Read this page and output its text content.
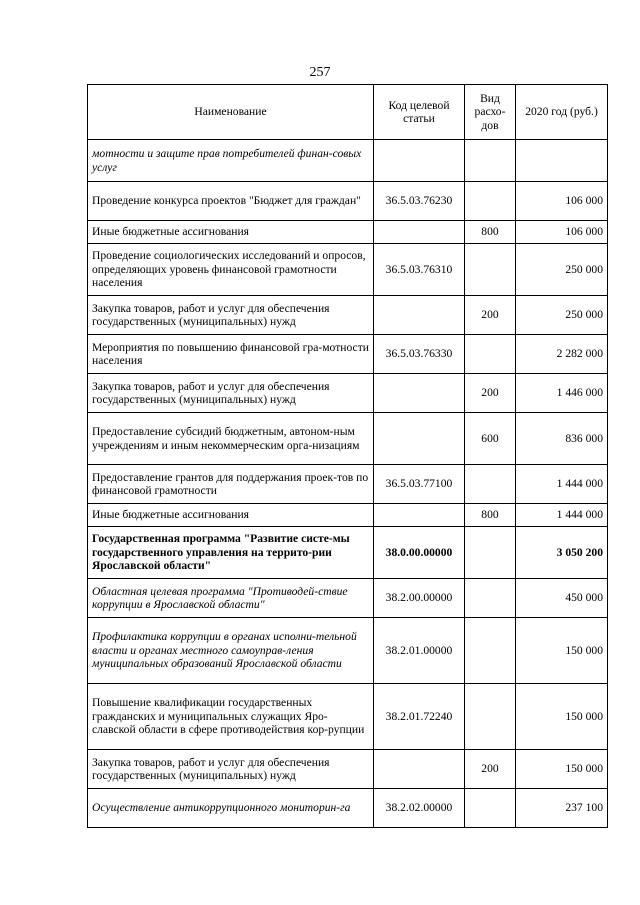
257
Наименование	Код целевой статьи	Вид расхо-дов	2020 год (руб.)
мотности и защите прав потребителей финан-совых услуг			
Проведение конкурса проектов "Бюджет для граждан"	36.5.03.76230		106 000
Иные бюджетные ассигнования		800	106 000
Проведение социологических исследований и опросов, определяющих уровень финансовой грамотности населения	36.5.03.76310		250 000
Закупка товаров, работ и услуг для обеспечения государственных (муниципальных) нужд		200	250 000
Мероприятия по повышению финансовой гра-мотности населения	36.5.03.76330		2 282 000
Закупка товаров, работ и услуг для обеспечения государственных (муниципальных) нужд		200	1 446 000
Предоставление субсидий бюджетным, автоном-ным учреждениям и иным некоммерческим орга-низациям		600	836 000
Предоставление грантов для поддержания проек-тов по финансовой грамотности	36.5.03.77100		1 444 000
Иные бюджетные ассигнования		800	1 444 000
Государственная программа "Развитие систе-мы государственного управления на террито-рии Ярославской области"	38.0.00.00000		3 050 200
Областная целевая программа "Противодей-ствие коррупции в Ярославской области"	38.2.00.00000		450 000
Профилактика коррупции в органах исполни-тельной власти и органах местного самоуправ-ления муниципальных образований Ярославской области	38.2.01.00000		150 000
Повышение квалификации государственных гражданских и муниципальных служащих Яро-славской области в сфере противодействия кор-рупции	38.2.01.72240		150 000
Закупка товаров, работ и услуг для обеспечения государственных (муниципальных) нужд		200	150 000
Осуществление антикоррупционного мониторин-га	38.2.02.00000		237 100
